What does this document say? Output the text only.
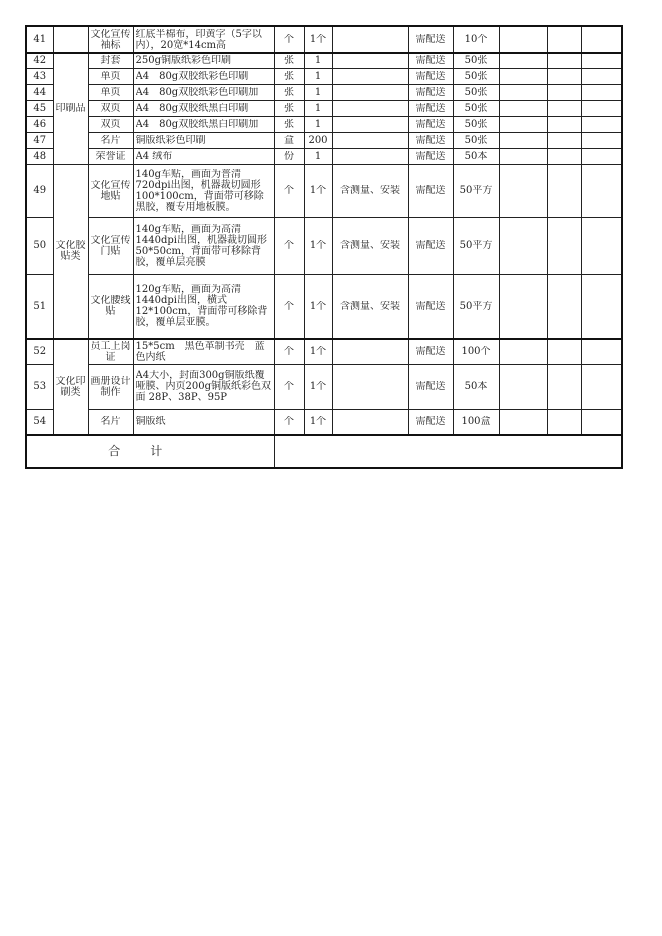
41		文化宣传袖标	红底半棉布，印黄字（5字以内），20宽*14cm高	个	1个		需配送	10个			

42	印刷品	封套	250g铜版纸彩色印刷	张	1		需配送	50张			

43		单页	A4　80g双胶纸彩色印刷	张	1		需配送	50张			

44		单页	A4　80g双胶纸彩色印刷加	张	1		需配送	50张			

45		双页	A4　80g双胶纸黑白印刷	张	1		需配送	50张			

46		双页	A4　80g双胶纸黑白印刷加	张	1		需配送	50张			

47		名片	铜版纸彩色印刷	盒	200		需配送	50张			

48		荣誉证	A4 绒布	份	1		需配送	50本			

49	文化胶贴类	文化宣传地贴	140g车贴，画面为普清720dpi出图，机器裁切圆形100*100cm，背面带可移除黑胶，覆专用地板膜。	个	1个	含测量、安装	需配送	50平方			

50		文化宣传门贴	140g车贴，画面为高清1440dpi出图，机器裁切圆形50*50cm，背面带可移除背胶，覆单层亮膜	个	1个	含测量、安装	需配送	50平方			

51		文化腰线贴	120g车贴，画面为高清1440dpi出图，横式12*100cm，背面带可移除背胶，覆单层亚膜。	个	1个	含测量、安装	需配送	50平方			

52	文化印刷类	员工上岗证	15*5cm　黑色革制书壳　蓝色内纸	个	1个		需配送	100个			

53		画册设计制作	A4大小，封面300g铜版纸覆哑膜、内页200g铜版纸彩色双面 28P、38P、95P	个	1个		需配送	50本			

54		名片	铜版纸	个	1个		需配送	100盒			

合计											
